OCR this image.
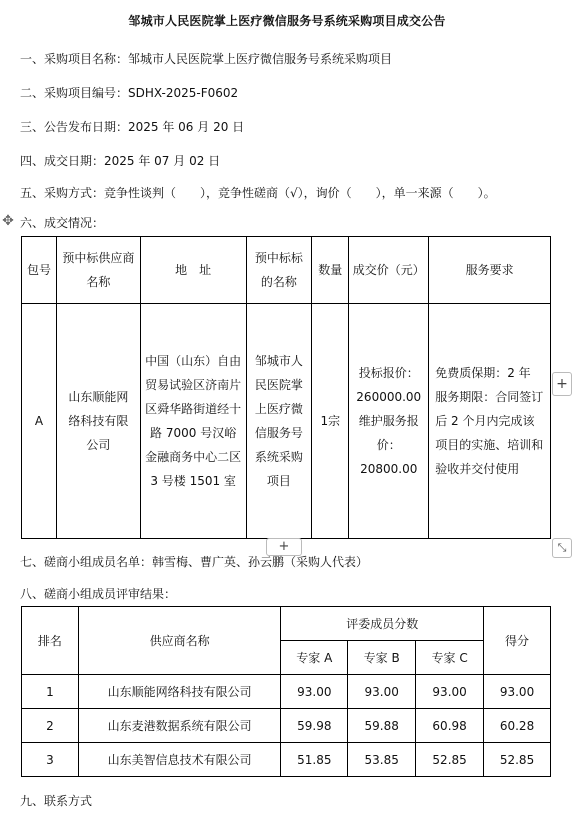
邹城市人民医院掌上医疗微信服务号系统采购项目成交公告
一、采购项目名称：邹城市人民医院掌上医疗微信服务号系统采购项目
二、采购项目编号：SDHX-2025-F0602
三、公告发布日期：2025 年 06 月 20 日
四、成交日期：2025 年 07 月 02 日
五、采购方式：竞争性谈判（　　），竞争性磋商（√），询价（　　），单一来源（　　）。
✥ 六、成交情况：
包号	预中标供应商名称	地　址	预中标标的名称	数量	成交价（元）	服务要求
A	山东顺能网络科技有限公司	中国（山东）自由贸易试验区济南片区舜华路街道经十路 7000 号汉峪金融商务中心二区 3 号楼 1501 室	邹城市人民医院掌上医疗微信服务号系统采购项目	1宗	投标报价：260000.00 维护服务报价：20800.00	免费质保期：2 年 服务期限：合同签订后 2 个月内完成该项目的实施、培训和验收并交付使用
+
+	⤡
七、磋商小组成员名单：韩雪梅、曹广英、孙云鹏（采购人代表）
八、磋商小组成员评审结果：
排名	供应商名称	评委成员分数			得分
		专家 A	专家 B	专家 C	
1	山东顺能网络科技有限公司	93.00	93.00	93.00	93.00
2	山东麦港数据系统有限公司	59.98	59.88	60.98	60.28
3	山东美智信息技术有限公司	51.85	53.85	52.85	52.85
九、联系方式
